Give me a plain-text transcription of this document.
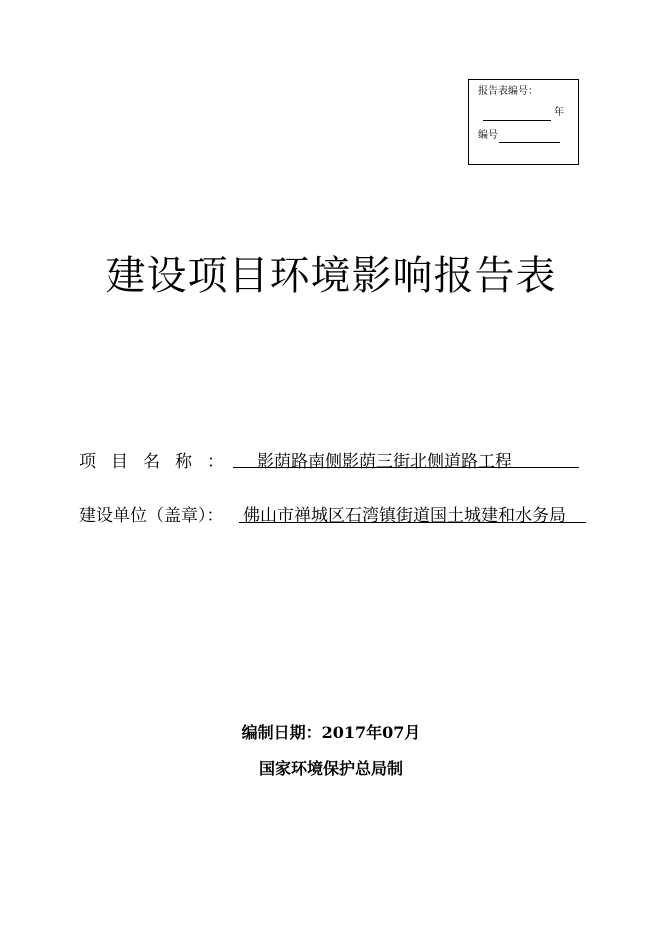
报告表编号：
年
编号
建设项目环境影响报告表
项目名称： 影荫路南侧影荫三街北侧道路工程
建设单位（盖章）： 佛山市禅城区石湾镇街道国土城建和水务局
编制日期：2017年07月
国家环境保护总局制
